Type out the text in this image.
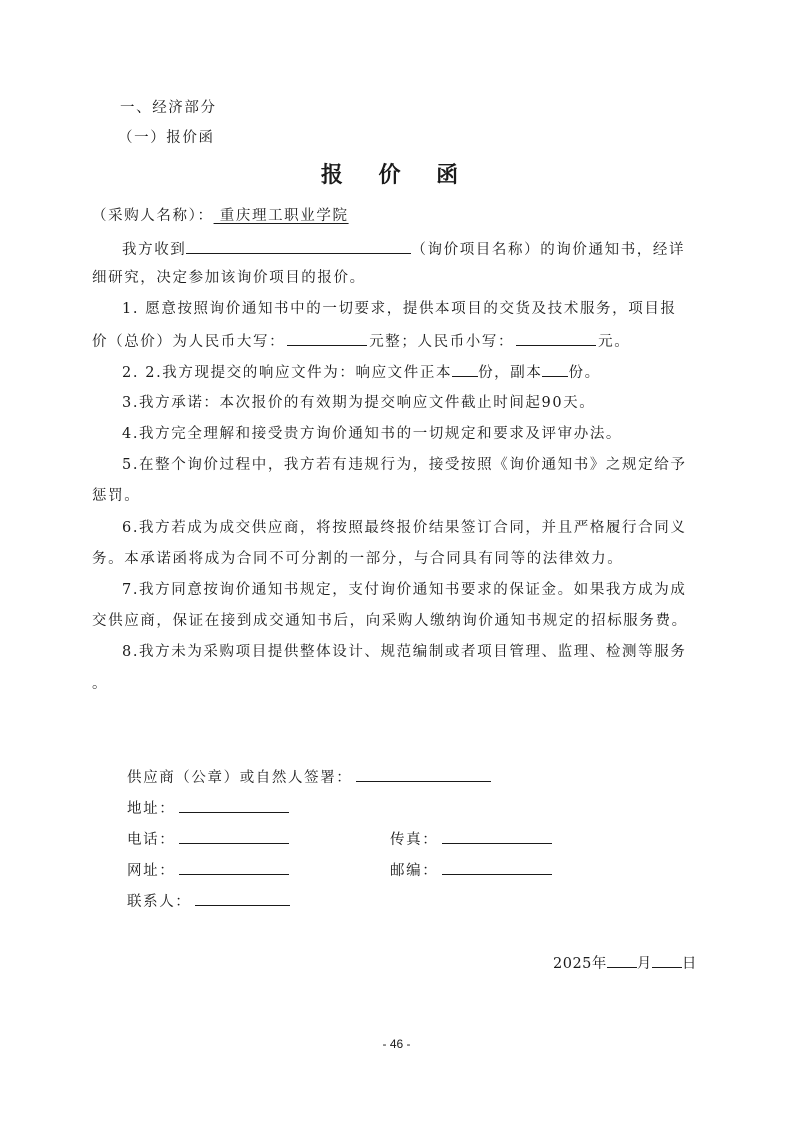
一、经济部分
（一）报价函
报 价 函
（采购人名称）： 重庆理工职业学院
我方收到	（询价项目名称）的询价通知书，经详
细研究，决定参加该询价项目的报价。
1. 愿意按照询价通知书中的一切要求，提供本项目的交货及技术服务，项目报
价（总价）为人民币大写：	元整；人民币小写：	元。
2. 2.我方现提交的响应文件为：响应文件正本 份，副本 份。
3.我方承诺：本次报价的有效期为提交响应文件截止时间起90天。
4.我方完全理解和接受贵方询价通知书的一切规定和要求及评审办法。
5.在整个询价过程中，我方若有违规行为，接受按照《询价通知书》之规定给予
惩罚。
6.我方若成为成交供应商，将按照最终报价结果签订合同，并且严格履行合同义
务。本承诺函将成为合同不可分割的一部分，与合同具有同等的法律效力。
7.我方同意按询价通知书规定，支付询价通知书要求的保证金。如果我方成为成
交供应商，保证在接到成交通知书后，向采购人缴纳询价通知书规定的招标服务费。
8.我方未为采购项目提供整体设计、规范编制或者项目管理、监理、检测等服务
。
供应商（公章）或自然人签署：
地址：
电话：	传真：
网址：	邮编：
联系人：
2025年 月 日
- 46 -
